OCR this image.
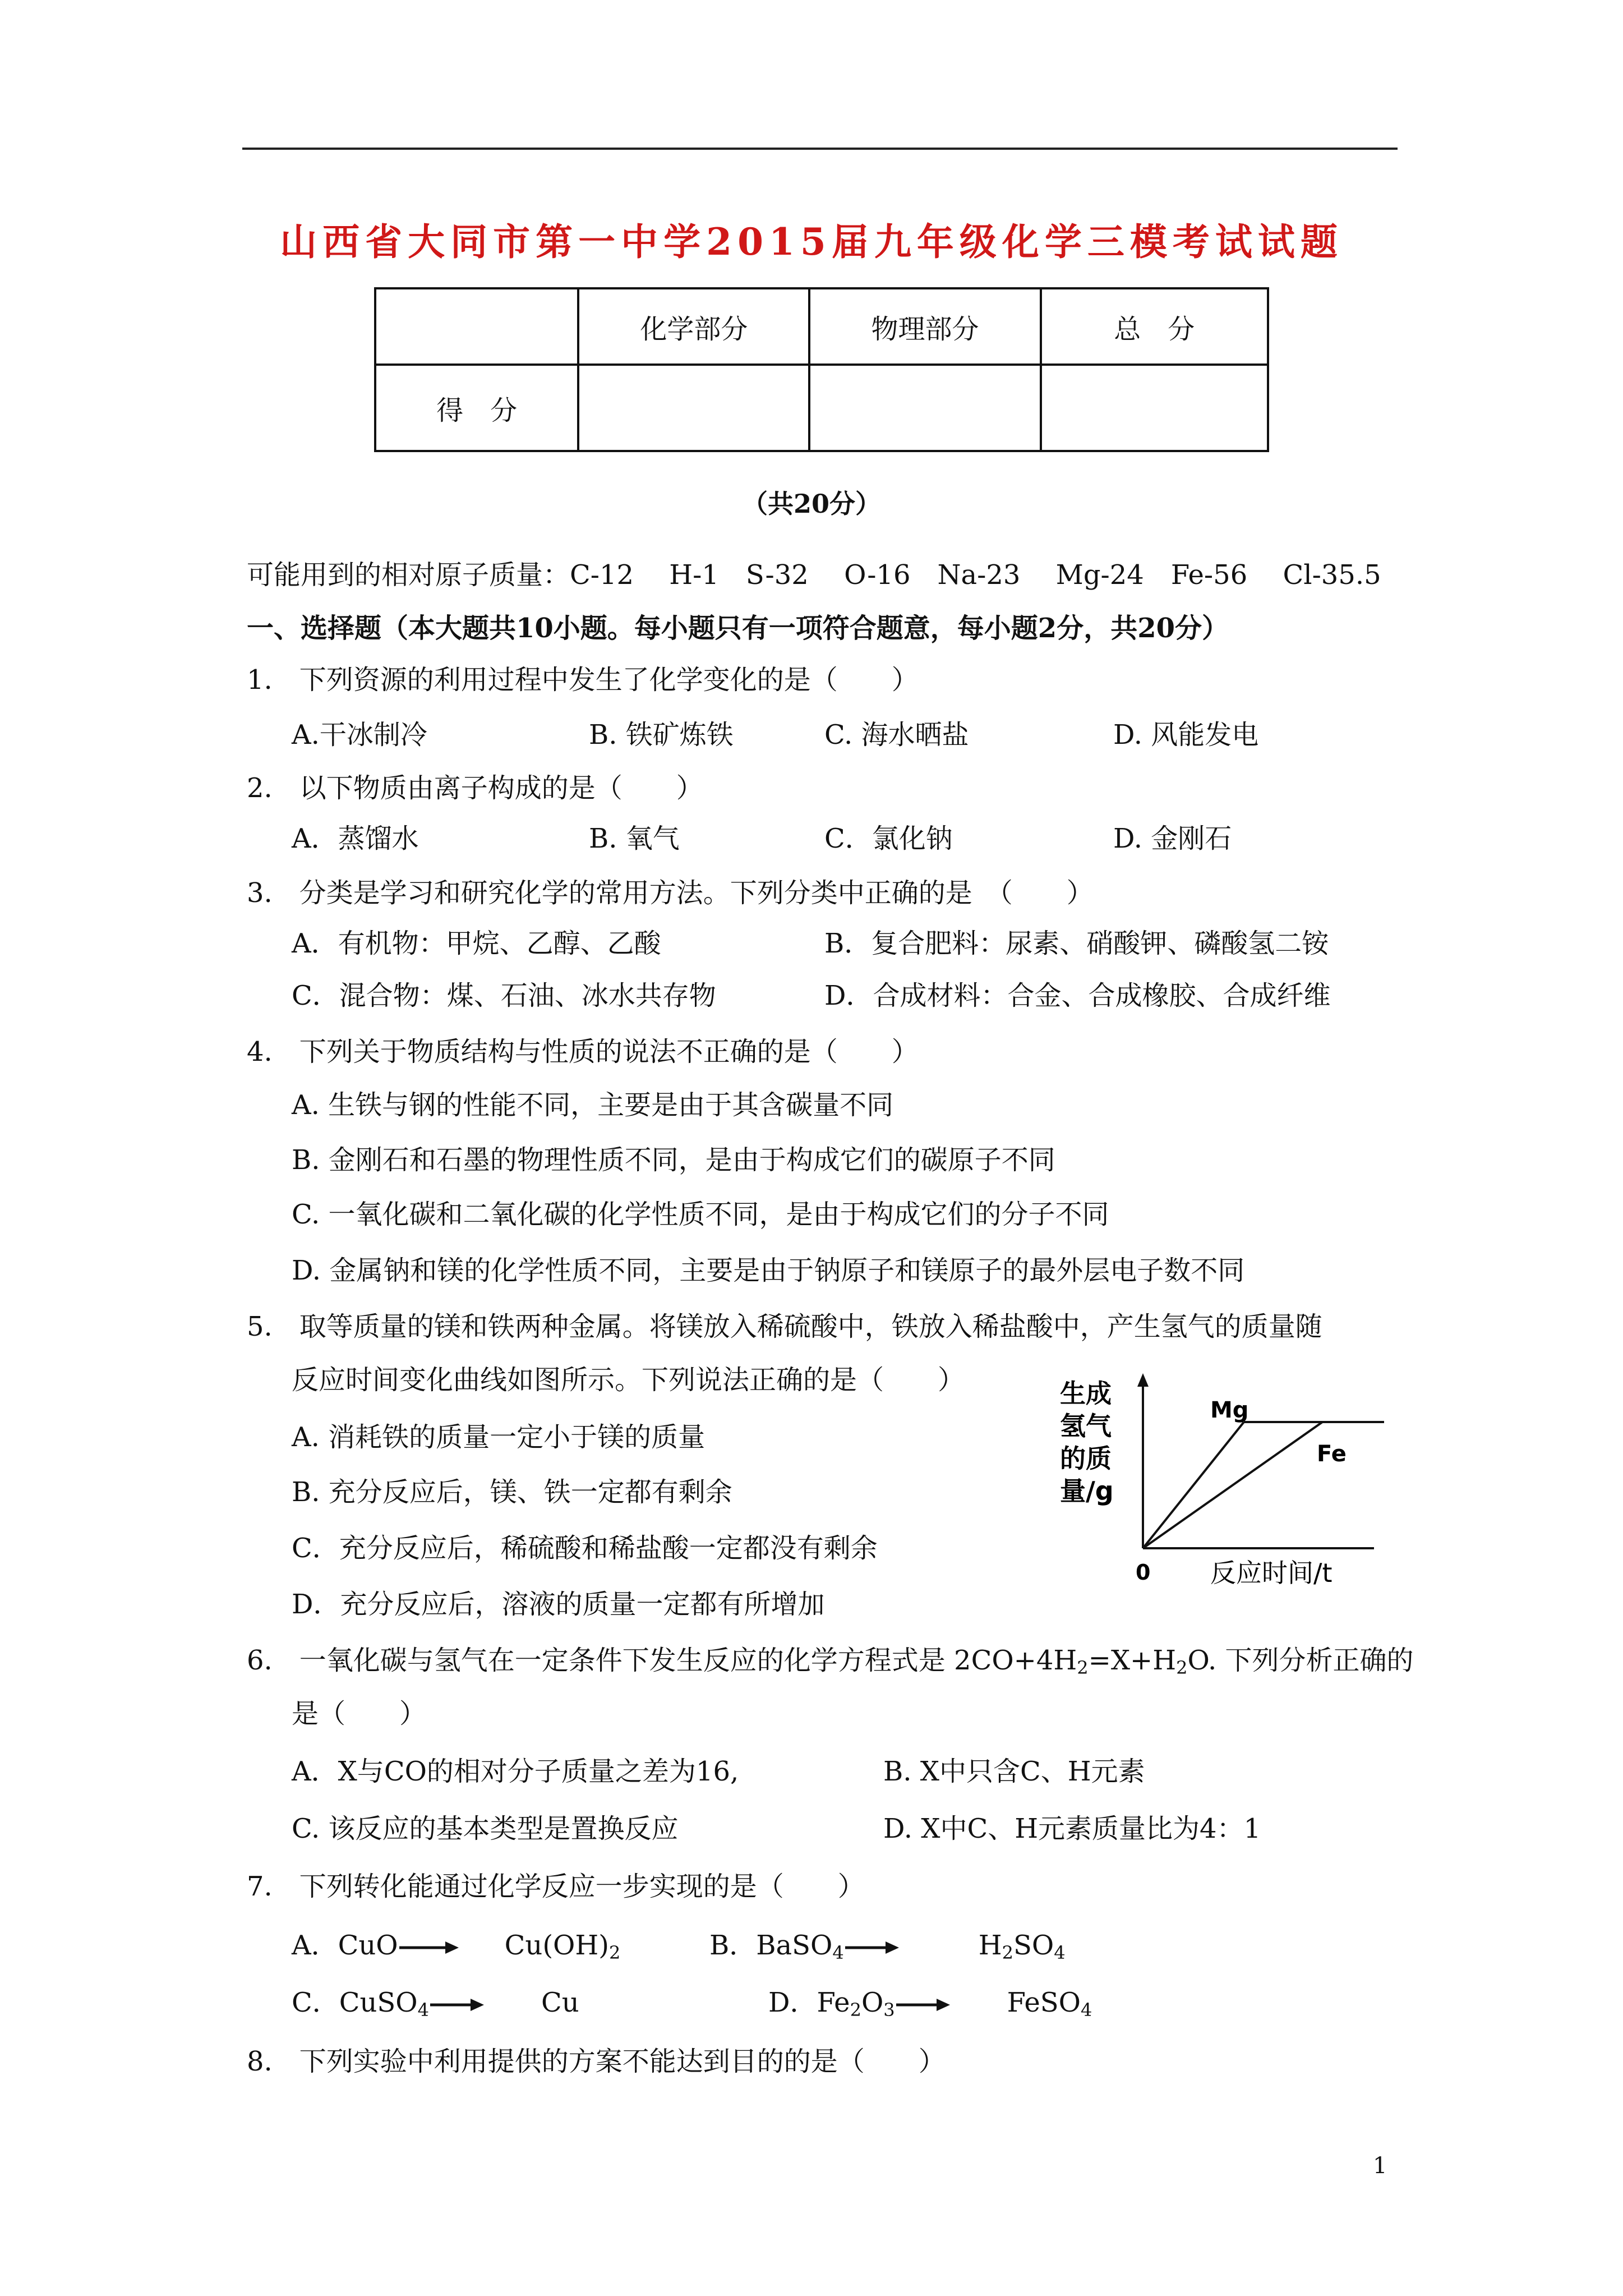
山西省大同市第一中学2015届九年级化学三模考试试题
	化学部分	物理部分	总　分
得　分			
（共20分）
可能用到的相对原子质量：C-12　 H-1　S-32　 O-16　Na-23　 Mg-24　Fe-56　 Cl-35.5
一、选择题（本大题共10小题。每小题只有一项符合题意，每小题2分，共20分）
1.　下列资源的利用过程中发生了化学变化的是（　　）
A.干冰制冷	B. 铁矿炼铁	C. 海水晒盐	D. 风能发电
2.　以下物质由离子构成的是（　　）
A．蒸馏水	B. 氧气	C．氯化钠	D. 金刚石
3.　分类是学习和研究化学的常用方法。下列分类中正确的是　（　　）
A．有机物：甲烷、乙醇、乙酸	B．复合肥料：尿素、硝酸钾、磷酸氢二铵
C．混合物：煤、石油、冰水共存物	D．合成材料：合金、合成橡胶、合成纤维
4.　下列关于物质结构与性质的说法不正确的是（　　）
A. 生铁与钢的性能不同，主要是由于其含碳量不同
B. 金刚石和石墨的物理性质不同，是由于构成它们的碳原子不同
C. 一氧化碳和二氧化碳的化学性质不同，是由于构成它们的分子不同
D. 金属钠和镁的化学性质不同，主要是由于钠原子和镁原子的最外层电子数不同
5.　取等质量的镁和铁两种金属。将镁放入稀硫酸中，铁放入稀盐酸中，产生氢气的质量随
反应时间变化曲线如图所示。下列说法正确的是（　　）
A. 消耗铁的质量一定小于镁的质量
B. 充分反应后，镁、铁一定都有剩余
C．充分反应后，稀硫酸和稀盐酸一定都没有剩余
D．充分反应后，溶液的质量一定都有所增加
生成
氢气
的质
量/g
0 反应时间/t
Mg
Fe
6.　一氧化碳与氢气在一定条件下发生反应的化学方程式是 $2CO+4H_2=X+H_2O$. 下列分析正确的
是（　　）
A．X与CO的相对分子质量之差为16,	B. X中只含C、H元素
C. 该反应的基本类型是置换反应	D. X中C、H元素质量比为4：1
7.　下列转化能通过化学反应一步实现的是（　　）
A．$CuO\to Cu(OH)_2$	B．BaSO$_4$→	$H_2SO_4$
C．CuSO$_4$→ Cu	D．$Fe_2O_3\to$ FeSO$_4$
8.　下列实验中利用提供的方案不能达到目的的是（　　）
1
